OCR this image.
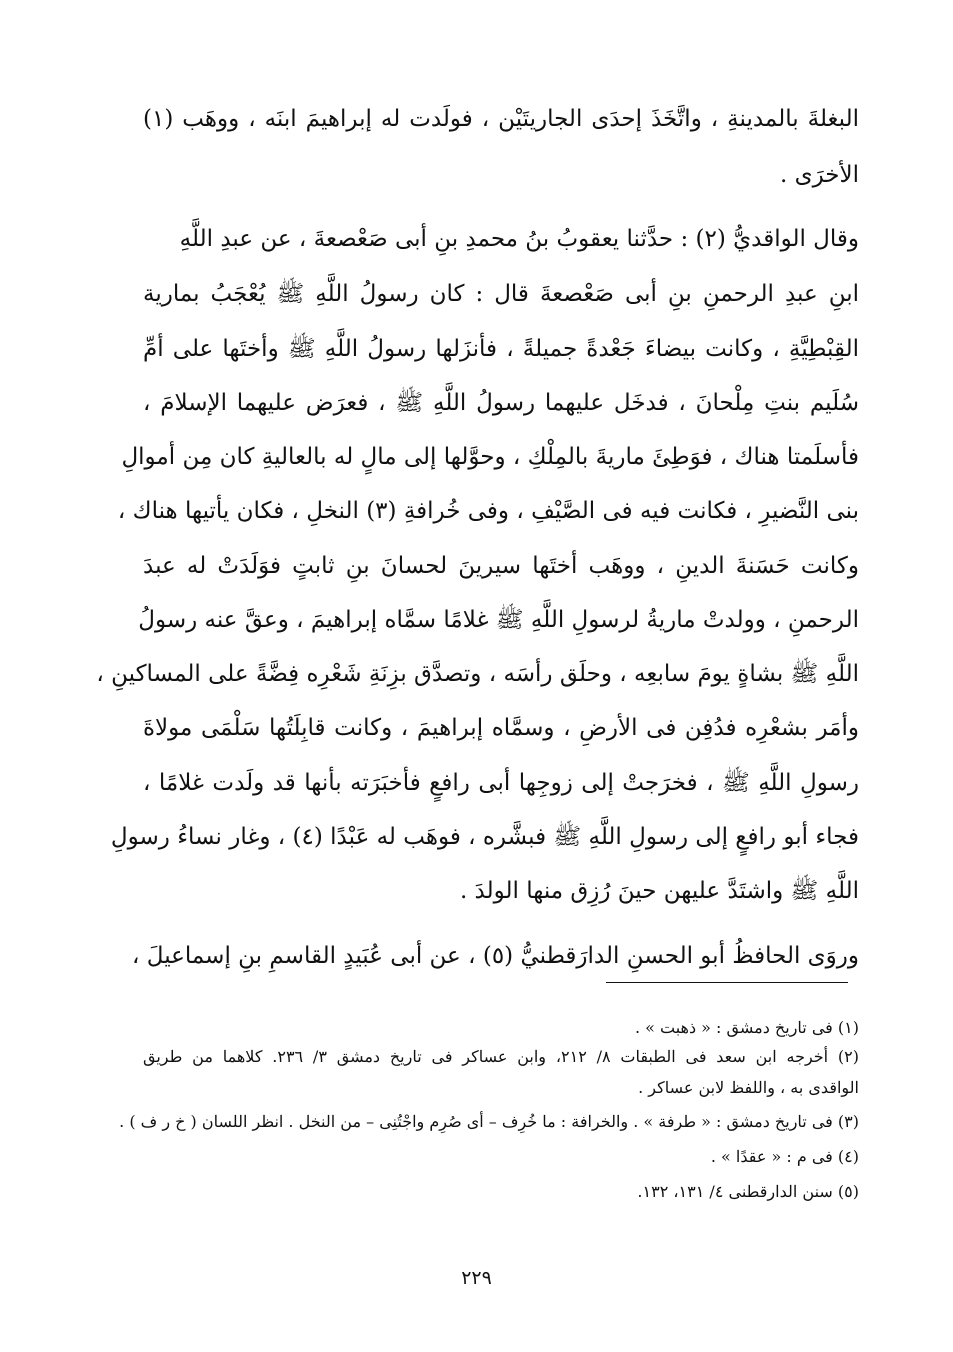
البغلةَ بالمدينةِ ، واتَّخَذَ إحدَى الجاريتَيْن ، فولَدت له إبراهيمَ ابنَه ، ووهَب (١)
الأخرَى .
وقال الواقديُّ (٢) : حدَّثنا يعقوبُ بنُ محمدِ بنِ أبى صَعْصعةَ ، عن عبدِ اللَّهِ
ابنِ عبدِ الرحمنِ بنِ أبى صَعْصعةَ قال : كان رسولُ اللَّهِ ﷺ يُعْجَبُ بمارية
القِبْطِيَّةِ ، وكانت بيضاءَ جَعْدةً جميلةً ، فأنزَلها رسولُ اللَّهِ ﷺ وأختَها على أمِّ
سُلَيم بنتِ مِلْحانَ ، فدخَل عليهما رسولُ اللَّهِ ﷺ ، فعرَض عليهما الإسلامَ ،
فأسلَمتا هناك ، فوَطِئَ ماريةَ بالمِلْكِ ، وحوَّلها إلى مالٍ له بالعاليةِ كان مِن أموالِ
بنى النَّضيرِ ، فكانت فيه فى الصَّيْفِ ، وفى خُرافةِ (٣) النخلِ ، فكان يأتيها هناك ،
وكانت حَسَنةَ الدينِ ، ووهَب أختَها سيرينَ لحسانَ بنِ ثابتٍ فوَلَدَتْ له عبدَ
الرحمنِ ، وولدتْ ماريةُ لرسولِ اللَّهِ ﷺ غلامًا سمَّاه إبراهيمَ ، وعقَّ عنه رسولُ
اللَّهِ ﷺ بشاةٍ يومَ سابعِه ، وحلَق رأسَه ، وتصدَّق بزِنَةِ شَعْرِه فِضَّةً على المساكينِ ،
وأمَر بشعْرِه فدُفِن فى الأرضِ ، وسمَّاه إبراهيمَ ، وكانت قابِلَتُها سَلْمَى مولاةَ
رسولِ اللَّهِ ﷺ ، فخرَجتْ إلى زوجِها أبى رافعٍ فأخبَرَته بأنها قد ولَدت غلامًا ،
فجاء أبو رافعٍ إلى رسولِ اللَّهِ ﷺ فبشَّره ، فوهَب له عَبْدًا (٤) ، وغار نساءُ رسولِ
اللَّهِ ﷺ واشتَدَّ عليهن حينَ رُزِق منها الولدَ .
وروَى الحافظُ أبو الحسنِ الدارَقطنيُّ (٥) ، عن أبى عُبَيدٍ القاسمِ بنِ إسماعيلَ ،
(١) فى تاريخ دمشق : « ذهبت » .
(٢) أخرجه ابن سعد فى الطبقات ٨/ ٢١٢، وابن عساكر فى تاريخ دمشق ٣/ ٢٣٦. كلاهما من طريق
الواقدى به ، واللفظ لابن عساكر .
(٣) فى تاريخ دمشق : « طرفة » . والخرافة : ما خُرِف – أى صُرِم واجْتُنِى – من النخل . انظر اللسان ( خ ر ف ) .
(٤) فى م : « عقدًا » .
(٥) سنن الدارقطنى ٤/ ١٣١، ١٣٢.
٢٢٩
